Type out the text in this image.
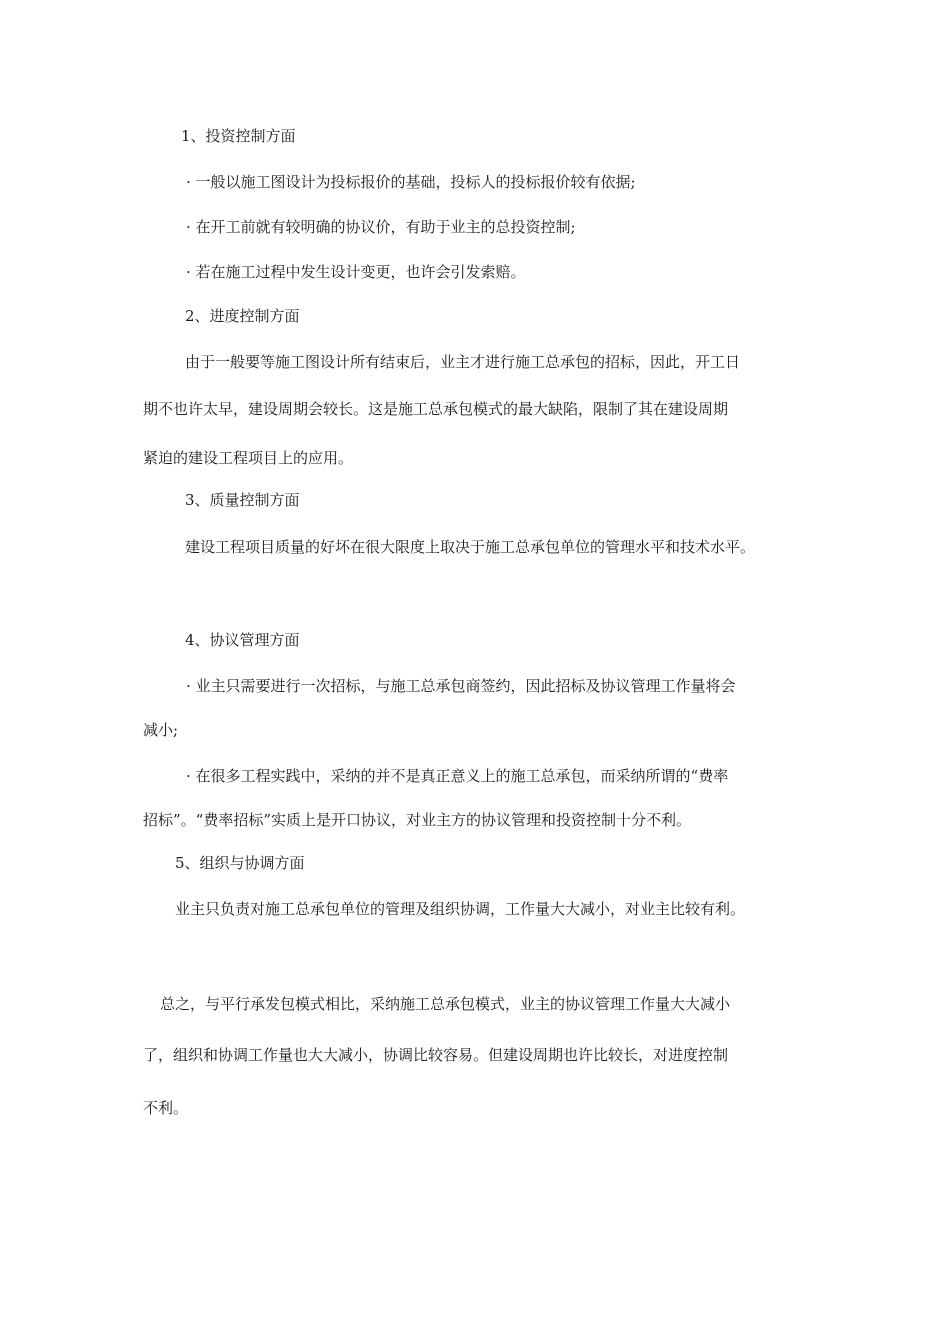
1、投资控制方面
· 一般以施工图设计为投标报价的基础，投标人的投标报价较有依据;
· 在开工前就有较明确的协议价，有助于业主的总投资控制;
· 若在施工过程中发生设计变更，也许会引发索赔。
2、进度控制方面
由于一般要等施工图设计所有结束后，业主才进行施工总承包的招标，因此，开工日
期不也许太早，建设周期会较长。这是施工总承包模式的最大缺陷，限制了其在建设周期
紧迫的建设工程项目上的应用。
3、质量控制方面
建设工程项目质量的好坏在很大限度上取决于施工总承包单位的管理水平和技术水平。
4、协议管理方面
· 业主只需要进行一次招标，与施工总承包商签约，因此招标及协议管理工作量将会
减小;
· 在很多工程实践中，采纳的并不是真正意义上的施工总承包，而采纳所谓的“费率
招标”。“费率招标”实质上是开口协议，对业主方的协议管理和投资控制十分不利。
5、组织与协调方面
业主只负责对施工总承包单位的管理及组织协调，工作量大大减小，对业主比较有利。
总之，与平行承发包模式相比，采纳施工总承包模式，业主的协议管理工作量大大减小
了，组织和协调工作量也大大减小，协调比较容易。但建设周期也许比较长，对进度控制
不利。
